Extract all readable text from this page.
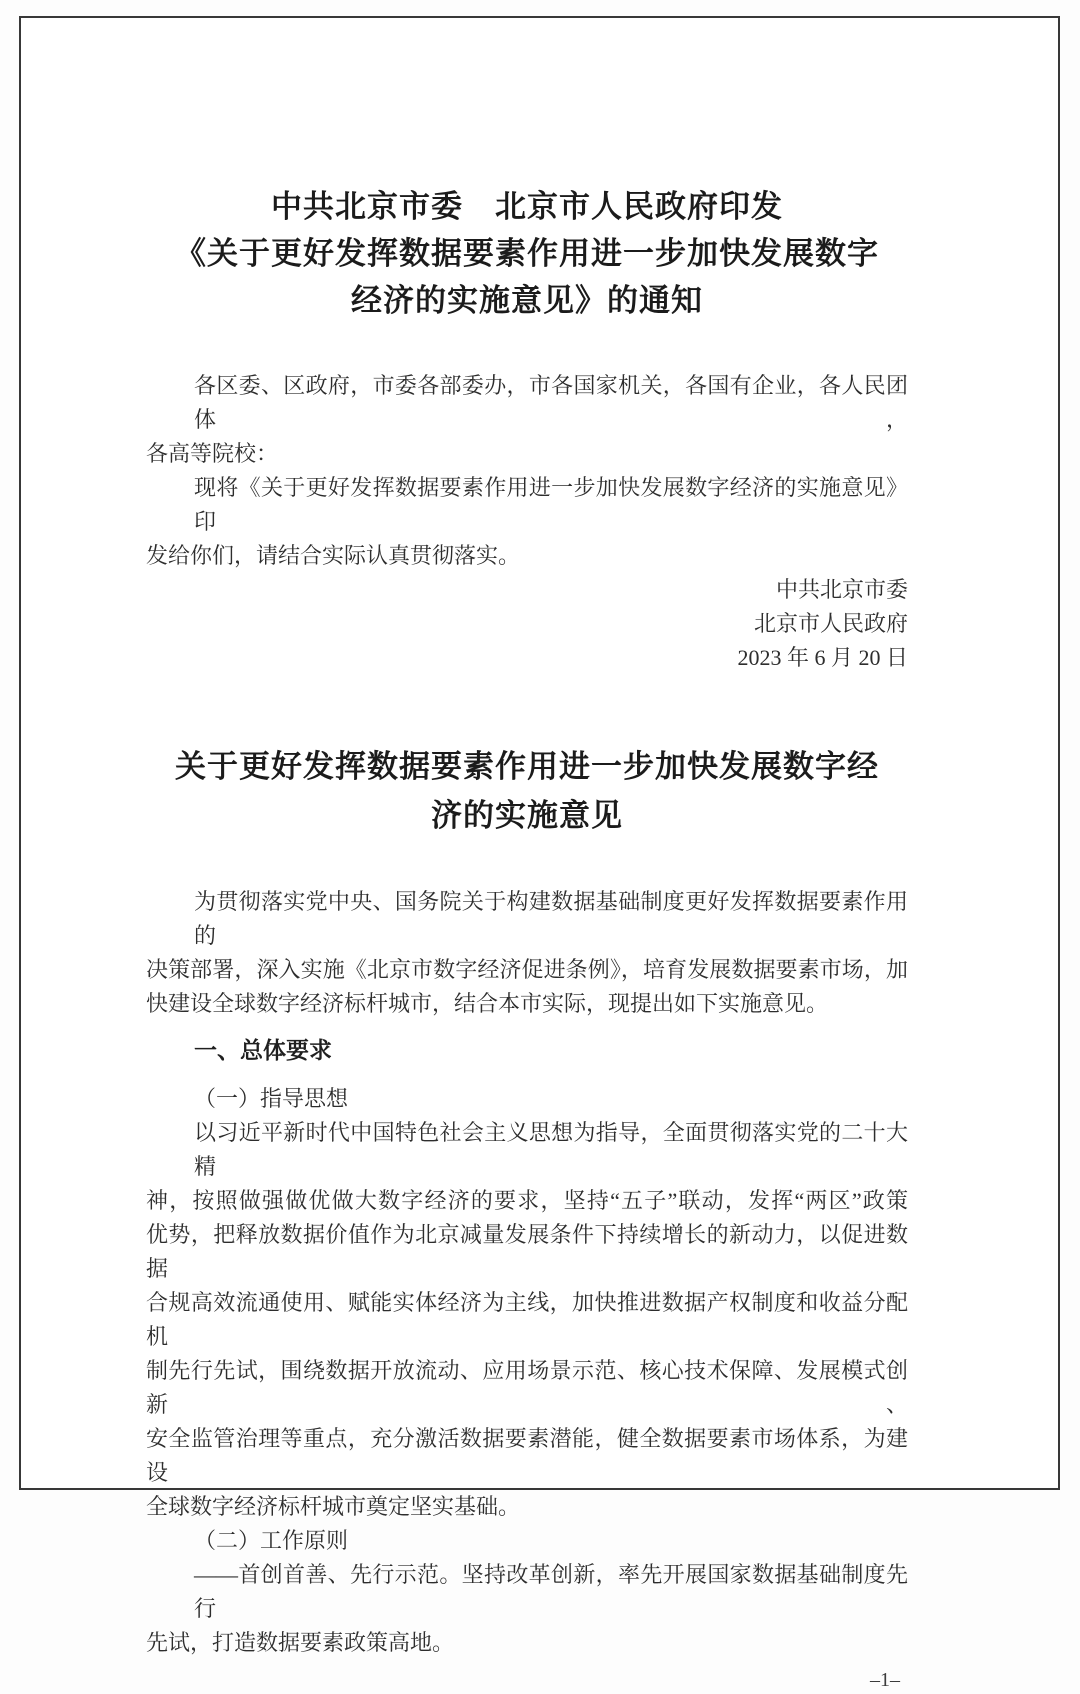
中共北京市委　北京市人民政府印发
《关于更好发挥数据要素作用进一步加快发展数字
经济的实施意见》的通知
各区委、区政府，市委各部委办，市各国家机关，各国有企业，各人民团体，
各高等院校：
现将《关于更好发挥数据要素作用进一步加快发展数字经济的实施意见》印
发给你们，请结合实际认真贯彻落实。
中共北京市委
北京市人民政府
2023 年 6 月 20 日
关于更好发挥数据要素作用进一步加快发展数字经
济的实施意见
为贯彻落实党中央、国务院关于构建数据基础制度更好发挥数据要素作用的
决策部署，深入实施《北京市数字经济促进条例》，培育发展数据要素市场，加
快建设全球数字经济标杆城市，结合本市实际，现提出如下实施意见。
一、总体要求
（一）指导思想
以习近平新时代中国特色社会主义思想为指导，全面贯彻落实党的二十大精
神，按照做强做优做大数字经济的要求，坚持“五子”联动，发挥“两区”政策
优势，把释放数据价值作为北京减量发展条件下持续增长的新动力，以促进数据
合规高效流通使用、赋能实体经济为主线，加快推进数据产权制度和收益分配机
制先行先试，围绕数据开放流动、应用场景示范、核心技术保障、发展模式创新、
安全监管治理等重点，充分激活数据要素潜能，健全数据要素市场体系，为建设
全球数字经济标杆城市奠定坚实基础。
（二）工作原则
——首创首善、先行示范。坚持改革创新，率先开展国家数据基础制度先行
先试，打造数据要素政策高地。
–1–
